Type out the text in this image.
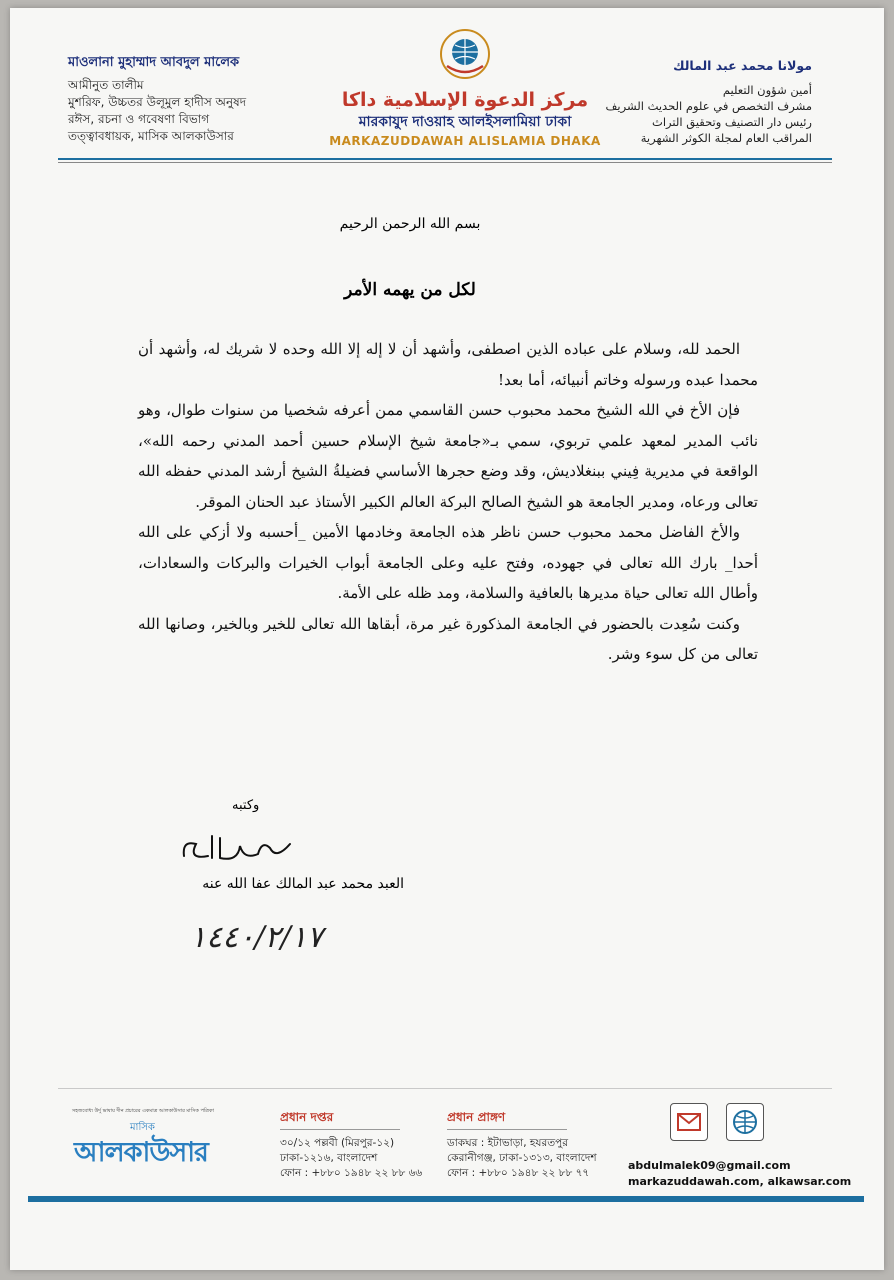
মাওলানা মুহাম্মাদ আবদুল মালেক
আমীনুত তালীম
মুশরিফ, উচ্চতর উলূমুল হাদীস অনুষদ
রঈস, রচনা ও গবেষণা বিভাগ
তত্ত্বাবধায়ক, মাসিক আলকাউসার
مركز الدعوة الإسلامية داكا
মারকাযুদ দাওয়াহ আলইসলামিয়া ঢাকা
MARKAZUDDAWAH ALISLAMIA DHAKA
مولانا محمد عبد المالك
أمين شؤون التعليم
مشرف التخصص في علوم الحديث الشريف
رئيس دار التصنيف وتحقيق التراث
المراقب العام لمجلة الكوثر الشهرية
بسم الله الرحمن الرحيم
لكل من يهمه الأمر

الحمد لله، وسلام على عباده الذين اصطفى، وأشهد أن لا إله إلا الله وحده لا شريك له، وأشهد أن محمدا عبده ورسوله وخاتم أنبيائه، أما بعد!

فإن الأخ في الله الشيخ محمد محبوب حسن القاسمي ممن أعرفه شخصيا من سنوات طوال، وهو نائب المدير لمعهد علمي تربوي، سمي بـ«جامعة شيخ الإسلام حسين أحمد المدني رحمه الله»، الواقعة في مديرية فِيني ببنغلاديش، وقد وضع حجرها الأساسي فضيلةُ الشيخ أرشد المدني حفظه الله تعالى ورعاه، ومدير الجامعة هو الشيخ الصالح البركة العالم الكبير الأستاذ عبد الحنان الموقر.

والأخ الفاضل محمد محبوب حسن ناظر هذه الجامعة وخادمها الأمين _أحسبه ولا أزكي على الله أحدا_ بارك الله تعالى في جهوده، وفتح عليه وعلى الجامعة أبواب الخيرات والبركات والسعادات، وأطال الله تعالى حياة مديرها بالعافية والسلامة، ومد ظله على الأمة.

وكنت سُعِدت بالحضور في الجامعة المذكورة غير مرة، أبقاها الله تعالى للخير وبالخير، وصانها الله تعالى من كل سوء وشر.

وكتبه
العبد محمد عبد المالك عفا الله عنه
١٤٤٠/٢/١٧
সহজবোধ্য উর্দু ভাষায় দীন প্রচারের একমাত্র আলকাউসার মাসিক পত্রিকা
মাসিক
আলকাউসার
প্রধান দপ্তর
৩০/১২ পল্লবী (মিরপুর-১২)
ঢাকা-১২১৬, বাংলাদেশ
ফোন : +৮৮০ ১৯৪৮ ২২ ৮৮ ৬৬
প্রধান প্রাঙ্গণ
ডাকঘর : ইটাভাড়া, হযরতপুর
কেরানীগঞ্জ, ঢাকা-১৩১৩, বাংলাদেশ
ফোন : +৮৮০ ১৯৪৮ ২২ ৮৮ ৭৭
abdulmalek09@gmail.com
markazuddawah.com, alkawsar.com
